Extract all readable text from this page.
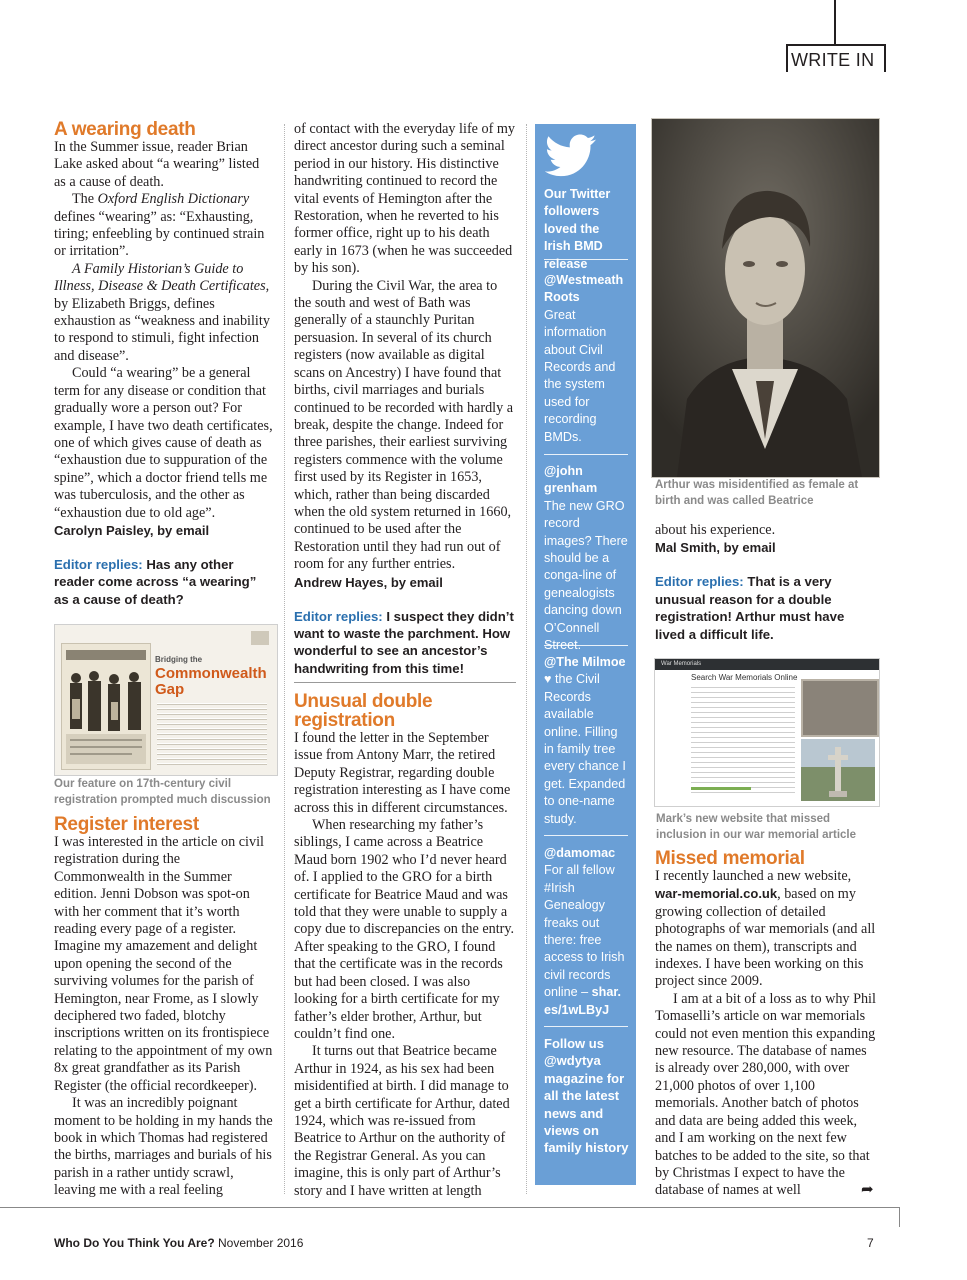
WRITE IN
A wearing death

In the Summer issue, reader Brian Lake asked about “a wearing” listed as a cause of death.

The Oxford English Dictionary defines “wearing” as: “Exhausting, tiring; enfeebling by continued strain or irritation”.

A Family Historian’s Guide to Illness, Disease & Death Certificates, by Elizabeth Briggs, defines exhaustion as “weakness and inability to respond to stimuli, fight infection and disease”.

Could “a wearing” be a general term for any disease or condition that gradually wore a person out? For example, I have two death certificates, one of which gives cause of death as “exhaustion due to suppuration of the spine”, which a doctor friend tells me was tuberculosis, and the other as “exhaustion due to old age”.

Carolyn Paisley, by email

Editor replies: Has any other reader come across “a wearing” as a cause of death?

Bridging the
Commonwealth
Gap

Our feature on 17th-century civil registration prompted much discussion

Register interest

I was interested in the article on civil registration during the Commonwealth in the Summer edition. Jenni Dobson was spot-on with her comment that it’s worth reading every page of a register. Imagine my amazement and delight upon opening the second of the surviving volumes for the parish of Hemington, near Frome, as I slowly deciphered two faded, blotchy inscriptions written on its frontispiece relating to the appointment of my own 8x great grandfather as its Parish Register (the official recordkeeper).

It was an incredibly poignant moment to be holding in my hands the book in which Thomas had registered the births, marriages and burials of his parish in a rather untidy scrawl, leaving me with a real feeling

of contact with the everyday life of my direct ancestor during such a seminal period in our history. His distinctive handwriting continued to record the vital events of Hemington after the Restoration, when he reverted to his former office, right up to his death early in 1673 (when he was succeeded by his son).

During the Civil War, the area to the south and west of Bath was generally of a staunchly Puritan persuasion. In several of its church registers (now available as digital scans on Ancestry) I have found that births, civil marriages and burials continued to be recorded with hardly a break, despite the change. Indeed for three parishes, their earliest surviving registers commence with the volume first used by its Register in 1653, which, rather than being discarded when the old system returned in 1660, continued to be used after the Restoration until they had run out of room for any further entries.

Andrew Hayes, by email

Editor replies: I suspect they didn’t want to waste the parchment. How wonderful to see an ancestor’s handwriting from this time!

Unusual double
registration

I found the letter in the September issue from Antony Marr, the retired Deputy Registrar, regarding double registration interesting as I have come across this in different circumstances.

When researching my father’s siblings, I came across a Beatrice Maud born 1902 who I’d never heard of. I applied to the GRO for a birth certificate for Beatrice Maud and was told that they were unable to supply a copy due to discrepancies on the entry. After speaking to the GRO, I found that the certificate was in the records but had been closed. I was also looking for a birth certificate for my father’s elder brother, Arthur, but couldn’t find one.

It turns out that Beatrice became Arthur in 1924, as his sex had been misidentified at birth. I did manage to get a birth certificate for Arthur, dated 1924, which was re-issued from Beatrice to Arthur on the authority of the Registrar General. As you can imagine, this is only part of Arthur’s story and I have written at length

Our Twitter followers loved the Irish BMD release
@Westmeath Roots
Great information about Civil Records and the system used for recording BMDs.
@john grenham
The new GRO record images? There should be a conga-line of genealogists dancing down O’Connell Street.
@The Milmoe
♥ the Civil Records available online. Filling in family tree every chance I get. Expanded to one-name study.
@damomac
For all fellow #Irish Genealogy freaks out there: free access to Irish civil records online – shar. es/1wLByJ
Follow us @wdytya magazine for all the latest news and views on family history

Arthur was misidentified as female at birth and was called Beatrice

about his experience.

Mal Smith, by email

Editor replies: That is a very unusual reason for a double registration! Arthur must have lived a difficult life.

$^{War Memorials}$
Search War Memorials Online

Mark’s new website that missed inclusion in our war memorial article

Missed memorial

I recently launched a new website, war-memorial.co.uk, based on my growing collection of detailed photographs of war memorials (and all the names on them), transcripts and indexes. I have been working on this project since 2009.

I am at a bit of a loss as to why Phil Tomaselli’s article on war memorials could not even mention this expanding new resource. The database of names is already over 280,000, with over 21,000 photos of over 1,100 memorials. Another batch of photos and data are being added this week, and I am working on the next few batches to be added to the site, so that by Christmas I expect to have the database of names at well	➦
Who Do You Think You Are? November 2016	7
